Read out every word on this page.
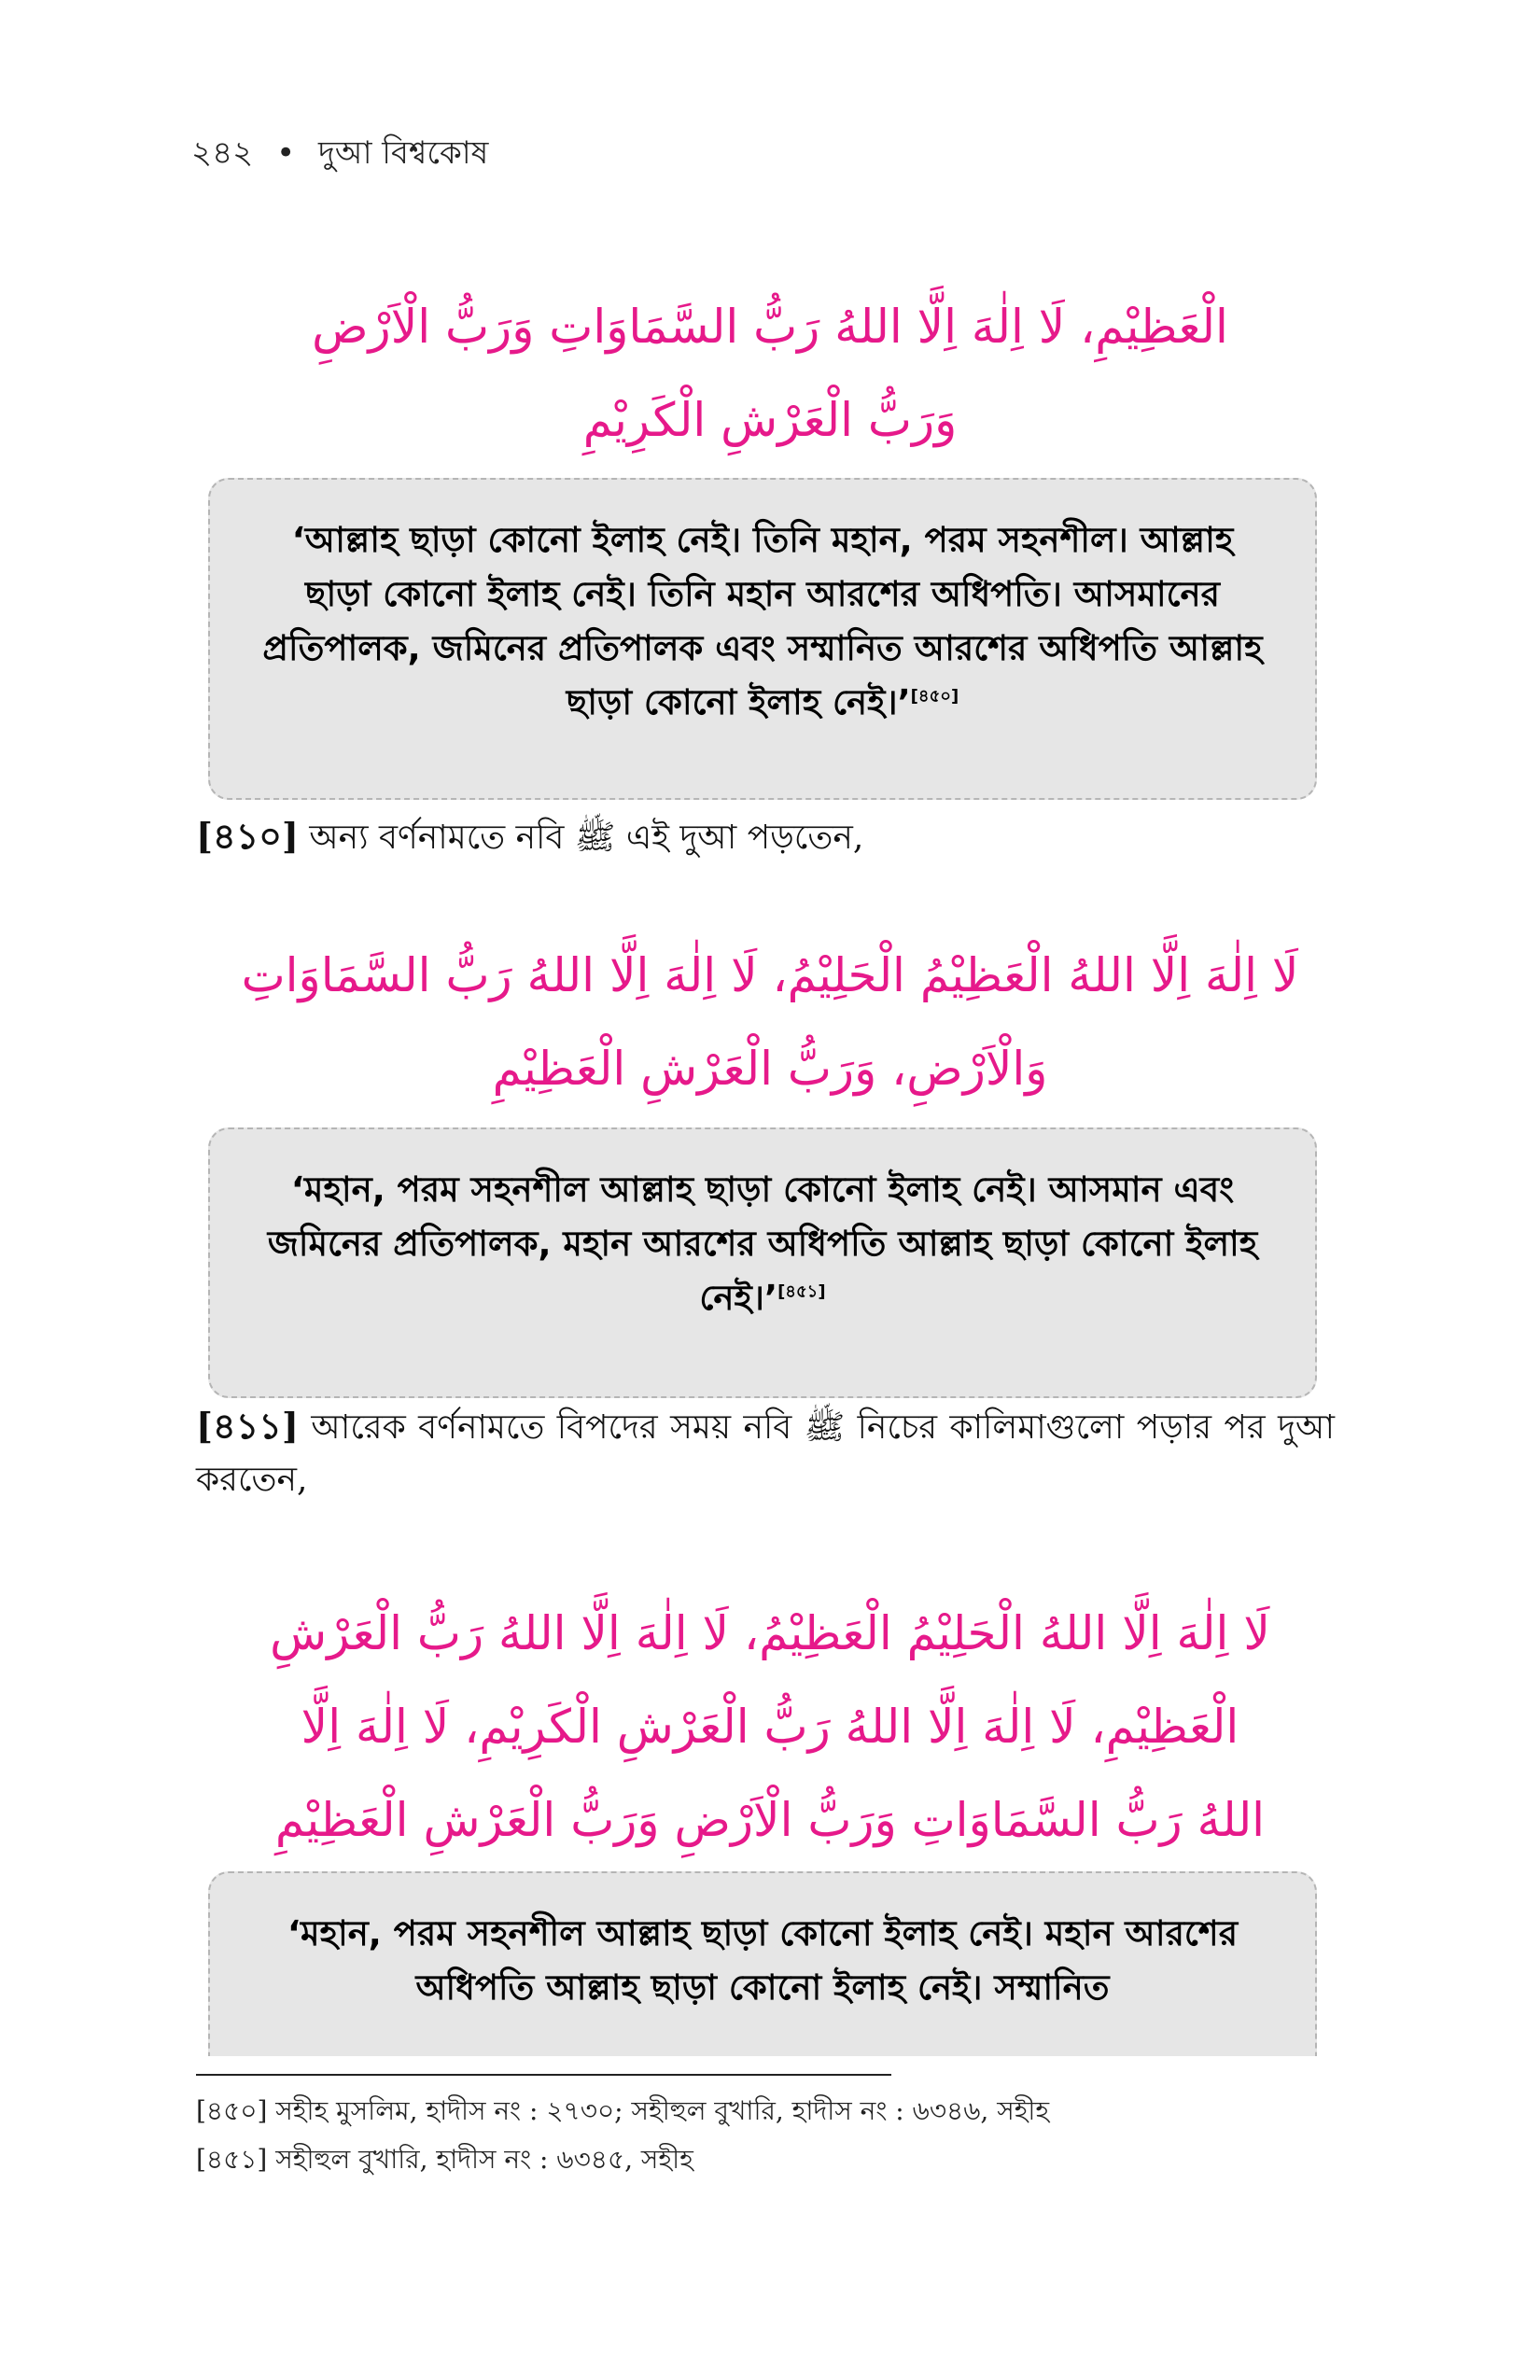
২৪২ • দুআ বিশ্বকোষ
الْعَظِيْمِ، لَا اِلٰهَ اِلَّا اللهُ رَبُّ السَّمَاوَاتِ وَرَبُّ الْاَرْضِ
وَرَبُّ الْعَرْشِ الْكَرِيْمِ
‘আল্লাহ ছাড়া কোনো ইলাহ নেই। তিনি মহান, পরম সহনশীল। আল্লাহ ছাড়া কোনো ইলাহ নেই। তিনি মহান আরশের অধিপতি। আসমানের প্রতিপালক, জমিনের প্রতিপালক এবং সম্মানিত আরশের অধিপতি আল্লাহ ছাড়া কোনো ইলাহ নেই।’[৪৫০]
[৪১০] অন্য বর্ণনামতে নবি ﷺ এই দুআ পড়তেন,
لَا اِلٰهَ اِلَّا اللهُ الْعَظِيْمُ الْحَلِيْمُ، لَا اِلٰهَ اِلَّا اللهُ رَبُّ السَّمَاوَاتِ
وَالْاَرْضِ، وَرَبُّ الْعَرْشِ الْعَظِيْمِ
‘মহান, পরম সহনশীল আল্লাহ ছাড়া কোনো ইলাহ নেই। আসমান এবং জমিনের প্রতিপালক, মহান আরশের অধিপতি আল্লাহ ছাড়া কোনো ইলাহ নেই।’[৪৫১]
[৪১১] আরেক বর্ণনামতে বিপদের সময় নবি ﷺ নিচের কালিমাগুলো পড়ার পর দুআ করতেন,
لَا اِلٰهَ اِلَّا اللهُ الْحَلِيْمُ الْعَظِيْمُ، لَا اِلٰهَ اِلَّا اللهُ رَبُّ الْعَرْشِ
الْعَظِيْمِ، لَا اِلٰهَ اِلَّا اللهُ رَبُّ الْعَرْشِ الْكَرِيْمِ، لَا اِلٰهَ اِلَّا
اللهُ رَبُّ السَّمَاوَاتِ وَرَبُّ الْاَرْضِ وَرَبُّ الْعَرْشِ الْعَظِيْمِ
‘মহান, পরম সহনশীল আল্লাহ ছাড়া কোনো ইলাহ নেই। মহান আরশের অধিপতি আল্লাহ ছাড়া কোনো ইলাহ নেই। সম্মানিত
[৪৫০] সহীহ মুসলিম, হাদীস নং : ২৭৩০; সহীহুল বুখারি, হাদীস নং : ৬৩৪৬, সহীহ
[৪৫১] সহীহুল বুখারি, হাদীস নং : ৬৩৪৫, সহীহ
